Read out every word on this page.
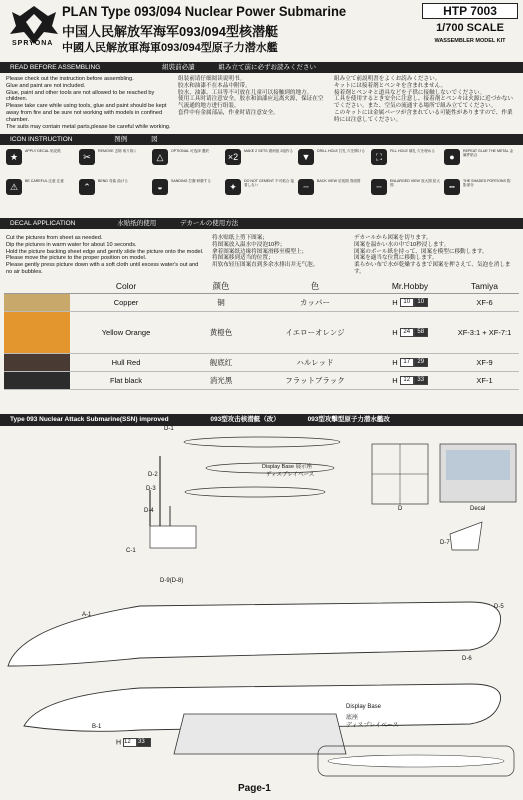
SPRYONA
PLAN Type 093/094 Nuclear Power Submarine
中国人民解放军海军093/094型核潜艇
中國人民解放軍海軍093/094型原子力潜水艦
HTP 7003
1/700 SCALE
WASSEMBLER MODEL KIT
READ BEFORE ASSEMBLING	組裝前必讀	組み立て前に必ずお読みください

Please check out the instruction before assembling.

Glue and paint are not included.

Glue, paint and other tools are not allowed to be reached by children.

Please take care while using tools, glue and paint should be kept away from fire and be sure not working with models in confined chamber.

The suits may contain metal parts,please be careful while working.

组装前请仔细阅读说明书。

胶水和油漆不在本品中附带。

胶水、油漆、工具等不可放在儿童可以接触到的地方。

使用工具时请注意安全，胶水和油漆应远离火源，保证在空气流通的地方进行组装。

套件中有金属部品，作业时请注意安全。

組み立て前説明書をよくお読みください。

キットには接着剤とペンキを含まれません。

接着剤とペンキと道具などを子供に接触しないでください。

工具を使用するとき安全に注意し、接着剤とペンキは火源に近づかないでください。また、空気の流通する場所で組み立ててください。

このキットには金属パーツが含まれている可能性がありますので、作業時には注意してください。

ICON INSTRUCTION	图例	図
★
APPLY DECAL 贴花纸
✂
REMOVE 去除 取り除く
△
OPTIONAL 可选择 選択
×2
MAKE 2 SETS 做两组 2組作る
▼
DRILL HOLE 打孔 穴を開ける
⛶
FILL HOLE 填孔 穴を埋める
●
REPEAT GLUE THE METAL 金属件粘合
⚠
BE CAREFUL 注意 注意
⌃
BEND 弯曲 曲げる
◒
SANDING 打磨 研磨する
✦
DO NOT CEMENT 不可粘合 接着しない	┄
BACK VIEW 后视图 背面図
┄
ENLARGED VIEW 放大图 拡大図	┅
THE SHADED PORTIONS 阴影部分
DECAL APPLICATION	水贴纸的使用	デカールの使用方法

Cut the pictures from sheet as needed.

Dip the pictures in warm water for about 10 seconds.

Hold the picture backing sheet edge and gently slide the picture onto the model.

Please move the picture to the proper position on model.

Please gently press picture down with a soft cloth until excess water's out and no air bubbles.

将水贴纸上剪下图案；

将图案放入温水中浸泡10秒；

拿着图案纸边缘将图案滑移至模型上；

将图案移到适当的位置；

用软布轻压图案直到多余水排出并无气泡。

デカールから図案を切ります。

図案を温かい水の中で10秒浸します。

図案のボール紙を持って、図案を模型に移動します。

図案を適当な位置に移動します。

柔らかい布で水が乾燥するまで図案を押さえて、気泡を消します。

	Color	颜色	色	Mr.Hobby	Tamiya
	Copper	铜	カッパー	H 10 10	XF-6
	Yellow Orange	黄橙色	イエローオレンジ	H 24 58	XF-3:1 + XF-7:1
	Hull Red	舰底红	ハルレッド	H 17 29	XF-9
	Flat black	消光黑	フラットブラック	H 12 33	XF-1
Type 093 Nuclear Attack Submarine(SSN) improved	093型攻击核潜艇（改）	093型攻擊型原子力潜水艦改
D-1
D-2
D-3
D-4
C-1
D-9(D-8)
A-1
B-1
D-5
D-6
D-7
D	Decal
Display Base 展示座
ディスプレイベース
Display Base
底座
ディスプレイベース
H 12 33
Page-1
